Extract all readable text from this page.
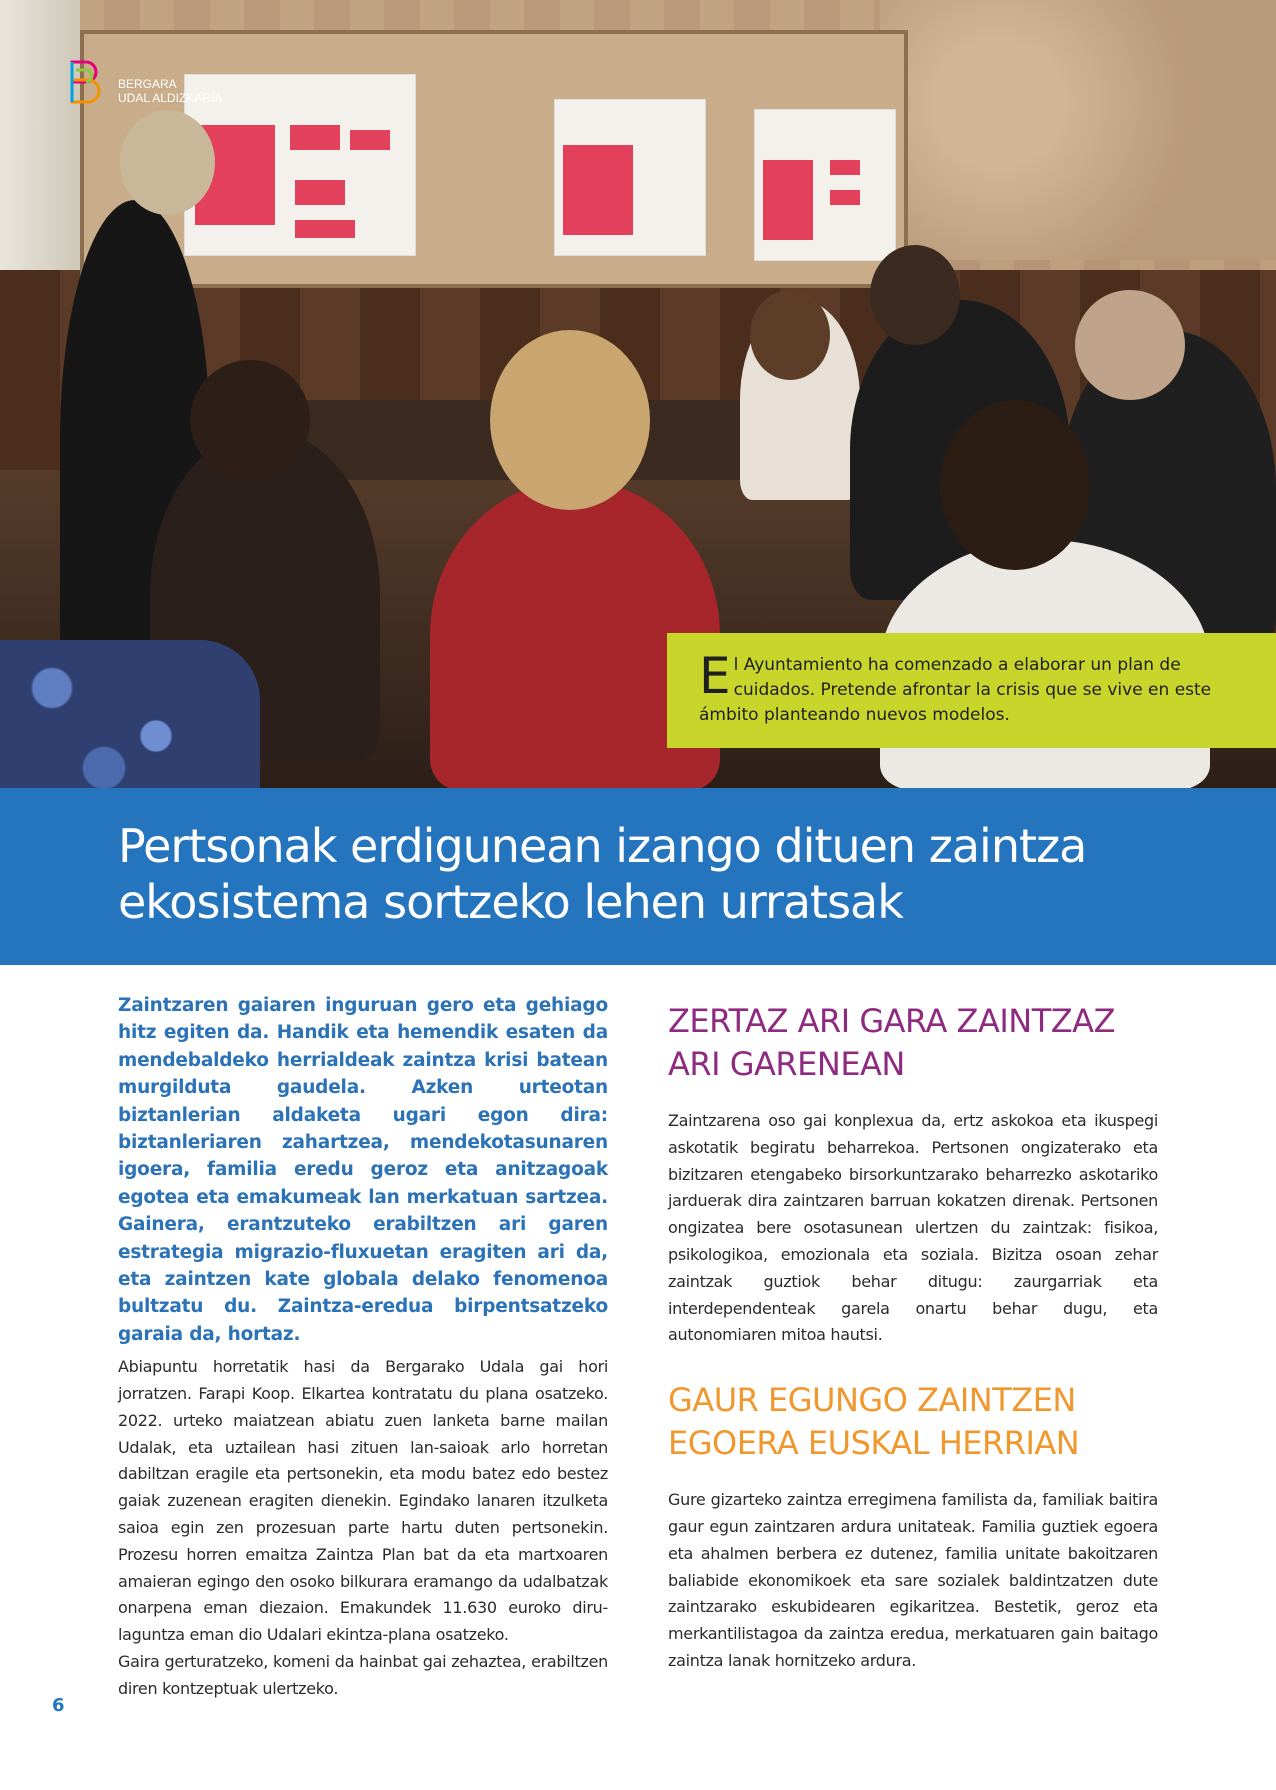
BERGARA
UDAL ALDIZKARIA
El Ayuntamiento ha comenzado a elaborar un plan de cuidados. Pretende afrontar la crisis que se vive en este ámbito planteando nuevos modelos.
Pertsonak erdigunean izango dituen zaintza ekosistema sortzeko lehen urratsak

Zaintzaren gaiaren inguruan gero eta gehiago hitz egiten da. Handik eta hemendik esaten da mendebaldeko herrialdeak zaintza krisi batean murgilduta gaudela. Azken urteotan biztanlerian aldaketa ugari egon dira: biztanleriaren zahartzea, mendekotasunaren igoera, familia eredu geroz eta anitzagoak egotea eta emakumeak lan merkatuan sartzea. Gainera, erantzuteko erabiltzen ari garen estrategia migrazio-fluxuetan eragiten ari da, eta zaintzen kate globala delako fenomenoa bultzatu du. Zaintza-eredua birpentsatzeko garaia da, hortaz.

Abiapuntu horretatik hasi da Bergarako Udala gai hori jorratzen. Farapi Koop. Elkartea kontratatu du plana osatzeko. 2022. urteko maiatzean abiatu zuen lanketa barne mailan Udalak, eta uztailean hasi zituen lan-saioak arlo horretan dabiltzan eragile eta pertsonekin, eta modu batez edo bestez gaiak zuzenean eragiten dienekin. Egindako lanaren itzulketa saioa egin zen prozesuan parte hartu duten pertsonekin. Prozesu horren emaitza Zaintza Plan bat da eta martxoaren amaieran egingo den osoko bilkurara eramango da udalbatzak onarpena eman diezaion. Emakundek 11.630 euroko diru-laguntza eman dio Udalari ekintza-plana osatzeko.

Gaira gerturatzeko, komeni da hainbat gai zehaztea, erabiltzen diren kontzeptuak ulertzeko.

ZERTAZ ARI GARA ZAINTZAZ ARI GARENEAN

Zaintzarena oso gai konplexua da, ertz askokoa eta ikuspegi askotatik begiratu beharrekoa. Pertsonen ongizaterako eta bizitzaren etengabeko birsorkuntzarako beharrezko askotariko jarduerak dira zaintzaren barruan kokatzen direnak. Pertsonen ongizatea bere osotasunean ulertzen du zaintzak: fisikoa, psikologikoa, emozionala eta soziala. Bizitza osoan zehar zaintzak guztiok behar ditugu: zaurgarriak eta interdependenteak garela onartu behar dugu, eta autonomiaren mitoa hautsi.

GAUR EGUNGO ZAINTZEN EGOERA EUSKAL HERRIAN

Gure gizarteko zaintza erregimena familista da, familiak baitira gaur egun zaintzaren ardura unitateak. Familia guztiek egoera eta ahalmen berbera ez dutenez, familia unitate bakoitzaren baliabide ekonomikoek eta sare sozialek baldintzatzen dute zaintzarako eskubidearen egikaritzea. Bestetik, geroz eta merkantilistagoa da zaintza eredua, merkatuaren gain baitago zaintza lanak hornitzeko ardura.

6
